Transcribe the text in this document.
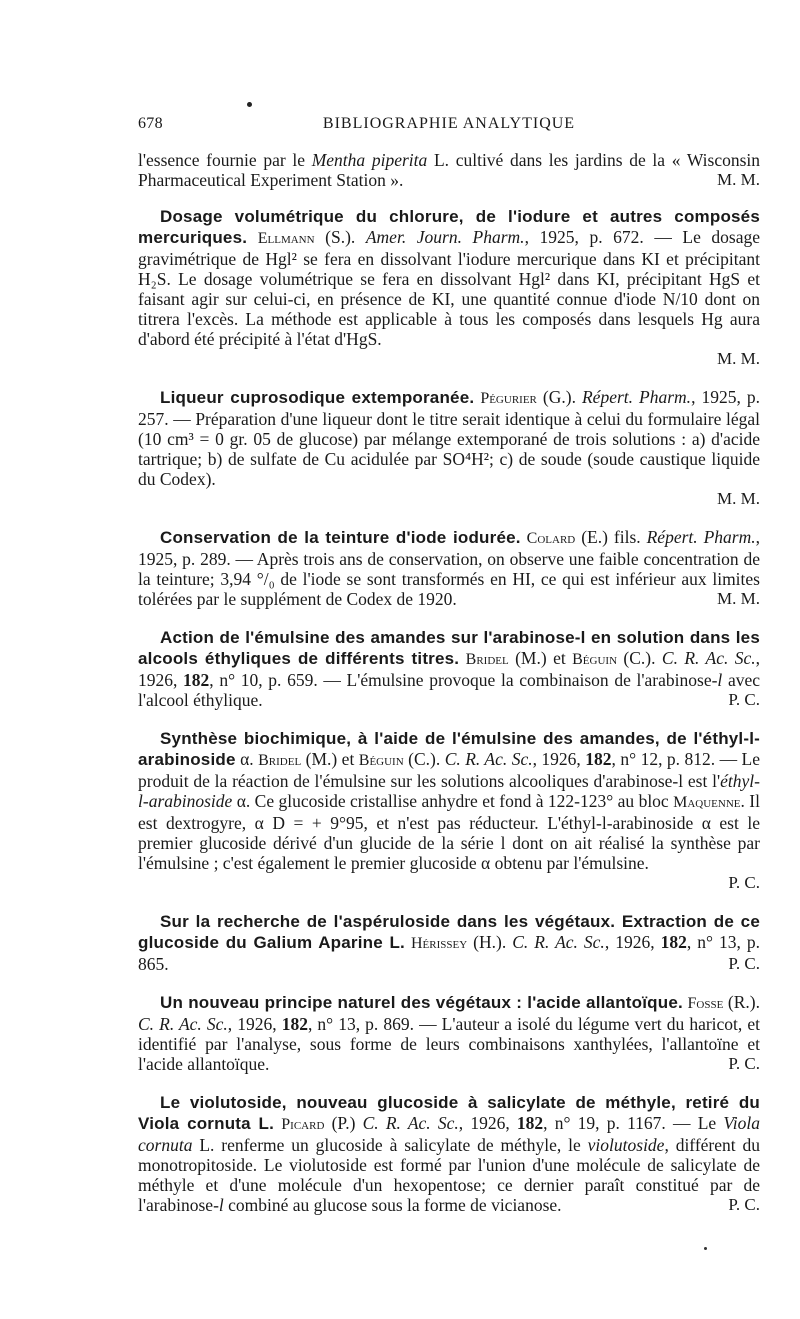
678	BIBLIOGRAPHIE ANALYTIQUE

l'essence fournie par le Mentha piperita L. cultivé dans les jardins de la « Wisconsin Pharmaceutical Experiment Station ».	M. M.

Dosage volumétrique du chlorure, de l'iodure et autres composés mercuriques. Ellmann (S.). Amer. Journ. Pharm., 1925, p. 672. — Le dosage gravimétrique de Hgl² se fera en dissolvant l'iodure mercurique dans KI et précipitant H₂S. Le dosage volumétrique se fera en dissolvant Hgl² dans KI, précipitant HgS et faisant agir sur celui-ci, en présence de KI, une quantité connue d'iode N/10 dont on titrera l'excès. La méthode est applicable à tous les composés dans lesquels Hg aura d'abord été précipité à l'état d'HgS.

M. M.

Liqueur cuprosodique extemporanée. Pégurier (G.). Répert. Pharm., 1925, p. 257. — Préparation d'une liqueur dont le titre serait identique à celui du formulaire légal (10 cm³ = 0 gr. 05 de glucose) par mélange extemporané de trois solutions : a) d'acide tartrique; b) de sulfate de Cu acidulée par SO⁴H²; c) de soude (soude caustique liquide du Codex).

M. M.

Conservation de la teinture d'iode iodurée. Colard (E.) fils. Répert. Pharm., 1925, p. 289. — Après trois ans de conservation, on observe une faible concentration de la teinture; 3,94 °/₀ de l'iode se sont transformés en HI, ce qui est inférieur aux limites tolérées par le supplément de Codex de 1920.	M. M.

Action de l'émulsine des amandes sur l'arabinose-l en solution dans les alcools éthyliques de différents titres. Bridel (M.) et Béguin (C.). C. R. Ac. Sc., 1926, 182, n° 10, p. 659. — L'émulsine provoque la combinaison de l'arabinose-l avec l'alcool éthylique.	P. C.

Synthèse biochimique, à l'aide de l'émulsine des amandes, de l'éthyl-l-arabinoside α. Bridel (M.) et Béguin (C.). C. R. Ac. Sc., 1926, 182, n° 12, p. 812. — Le produit de la réaction de l'émulsine sur les solutions alcooliques d'arabinose-l est l'éthyl-l-arabinoside α. Ce glucoside cristallise anhydre et fond à 122-123° au bloc Maquenne. Il est dextrogyre, α D = + 9°95, et n'est pas réducteur. L'éthyl-l-arabinoside α est le premier glucoside dérivé d'un glucide de la série l dont on ait réalisé la synthèse par l'émulsine ; c'est également le premier glucoside α obtenu par l'émulsine.

P. C.

Sur la recherche de l'aspéruloside dans les végétaux. Extraction de ce glucoside du Galium Aparine L. Hérissey (H.). C. R. Ac. Sc., 1926, 182, n° 13, p. 865.	P. C.

Un nouveau principe naturel des végétaux : l'acide allantoïque. Fosse (R.). C. R. Ac. Sc., 1926, 182, n° 13, p. 869. — L'auteur a isolé du légume vert du haricot, et identifié par l'analyse, sous forme de leurs combinaisons xanthylées, l'allantoïne et l'acide allantoïque.	P. C.

Le violutoside, nouveau glucoside à salicylate de méthyle, retiré du Viola cornuta L. Picard (P.) C. R. Ac. Sc., 1926, 182, n° 19, p. 1167. — Le Viola cornuta L. renferme un glucoside à salicylate de méthyle, le violutoside, différent du monotropitoside. Le violutoside est formé par l'union d'une molécule de salicylate de méthyle et d'une molécule d'un hexopentose; ce dernier paraît constitué par de l'arabinose-l combiné au glucose sous la forme de vicianose.	P. C.
